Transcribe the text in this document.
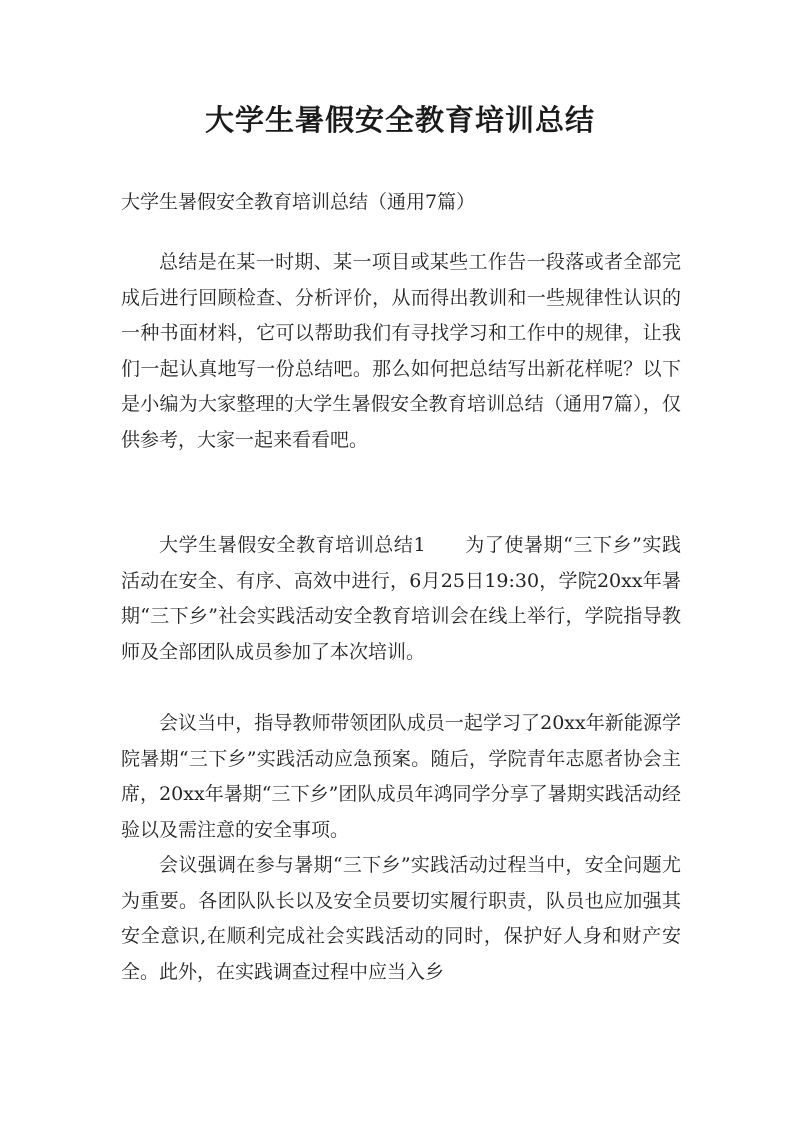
大学生暑假安全教育培训总结
大学生暑假安全教育培训总结（通用7篇）

总结是在某一时期、某一项目或某些工作告一段落或者全部完成后进行回顾检查、分析评价，从而得出教训和一些规律性认识的一种书面材料，它可以帮助我们有寻找学习和工作中的规律，让我们一起认真地写一份总结吧。那么如何把总结写出新花样呢？以下是小编为大家整理的大学生暑假安全教育培训总结（通用7篇），仅供参考，大家一起来看看吧。

大学生暑假安全教育培训总结1　　为了使暑期“三下乡”实践活动在安全、有序、高效中进行，6月25日19:30，学院20xx年暑期“三下乡”社会实践活动安全教育培训会在线上举行，学院指导教师及全部团队成员参加了本次培训。

会议当中，指导教师带领团队成员一起学习了20xx年新能源学院暑期“三下乡”实践活动应急预案。随后，学院青年志愿者协会主席，20xx年暑期“三下乡”团队成员年鸿同学分享了暑期实践活动经验以及需注意的安全事项。

会议强调在参与暑期“三下乡”实践活动过程当中，安全问题尤为重要。各团队队长以及安全员要切实履行职责，队员也应加强其安全意识,在顺利完成社会实践活动的同时，保护好人身和财产安全。此外，在实践调查过程中应当入乡
